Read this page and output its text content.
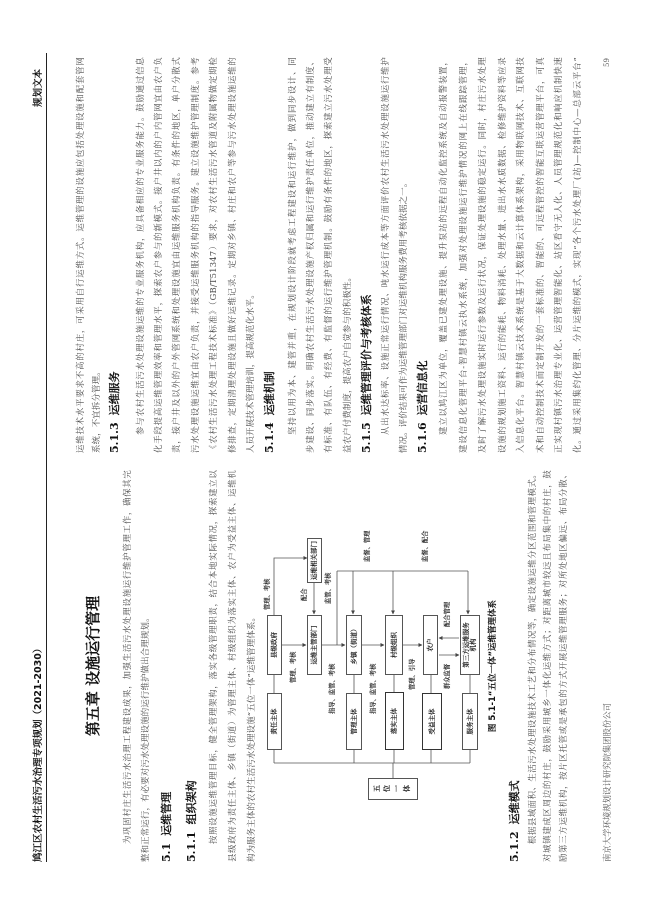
鸠江区农村生活污水治理专项规划（2021-2030）
规划文本
第五章 设施运行管理
5.1运维管理
5.1.1组织架构
5.1.2运维模式
5.1.3运维服务
5.1.4运维机制
5.1.5运维管理评价与考核体系
5.1.6运营信息化
为巩固村庄生活污水治理工程建设成果，加强生活污水处理设施运行维护管理工作，确保其完 整和正常运行，有必要对污水处理设施的运行维护做出合理规划。	按照设施运维管理目标，健全管理架构，落实各级管理职责，结合本地实际情况，探索建立以 县级政府为责任主体、乡镇（街道）为管理主体、村级组织为落实主体、农户为受益主体、运维机 构为服务主体的农村生活污水处理设施“五位一体”运维管理体系。	根据县域面积、生活污水处理设施技术工艺和分布情况等，确定设施运维分区范围和管理模式。 对城镇建成区周边的村庄，鼓励采用城乡一体化运维方式；对距离城市较远且布局集中的村庄，鼓 励第三方运维机构，按片区托管或是承包的方式开展运维管理服务；对所处地区偏远、布局分散、
运维技术水平要求不高的村庄，可采用自行运维方式。运维管理的设施应包括处理设施和配套管网 系统，不宜拆分管理。	参与农村生活污水处理设施运维的专业服务机构，应具备相应的专业服务能力。鼓励通过信息 化手段提高运维管理效率和管理水平，探索农户参与的新模式。接户井以内的户内管网宜由农户负 责，接户井及以外的户外管网系统和处理设施宜由运维服务机构负责。有条件的地区，单户分散式 污水处理设施运维宜由农户负责，并接受运维服务机构的指导服务。建立设施维护管理制度。参考 《农村生活污水处理工程技术标准》（GB/T51347）要求，对农村生活污水管道及附属物做定期检 修排查，定期清理处理设施且做好运维记录。定期对乡镇、村庄和农户等参与污水处理设施运维的 人员开展技术管理培训，提高规范化水平。	坚持以用为本、建管并重，在规划设计阶段就考虑工程建设和运行维护，做到同步设计、同 步建设、同步落实。明确农村生活污水处理设施产权归属和运行维护责任单位，推动建立有制度、 有标准、有队伍、有经费、有监督的运行维护管理机制。鼓励有条件的地区，探索建立污水处理受 益农户付费制度，提高农户自觉参与的积极性。	从出水达标率、设施正常运行情况、吨水运行成本等方面评价农村生活污水处理设施运行维护 情况。评价结果可作为运维管理部门对运维机构服务费用考核依据之一。	建立以鸠江区为单位，覆盖已建处理设施、提升泵站的远程自动化监控系统及自动报警装置， 建设信息化管理平台-智慧村镇云执水系统，加强对处理设施运行维护情况的网上在线跟踪管理， 及时了解污水处理设施实时运行参数及运行状况，保证处理设施的稳定运行。同时，村庄污水处理 设施的规划施工资料、运行的能耗、物料消耗、处理水量、进出水水质数据、检修维护资料等应录 入信息化平台。智慧村镇云技术系统是基于大数据和云计算体系架构，采用物联网技术、互联网技 术和自动控制技术而定制开发的一套标准的、智能的、可远程管控的智能互联运营管理平台，可真 正实现村镇污水治理专业化、运营管理智能化、站区看守无人化、人员管理规范化和响应机制快速 化。通过采用集约化管理、分片运维的模式，实现“各个污水处理厂(站)—控制中心—总部云平台”
五位一体
责任主体	管理主体	落实主体	受益主体	服务主体
县级政府	运维主管部门
运维相关部门
乡镇（街道）	村级组织	农户	第三方运维服务机构
管理、考核	配合
管理、考核
监管、考核
指导、监管、考核	指导、监管、考核	管理、引导
监督、管理	监督、配合
配合管理
群众监督	图 5.1-1“五位一体”运维管理体系
南京大学环境规划设计研究院集团股份公司
59
